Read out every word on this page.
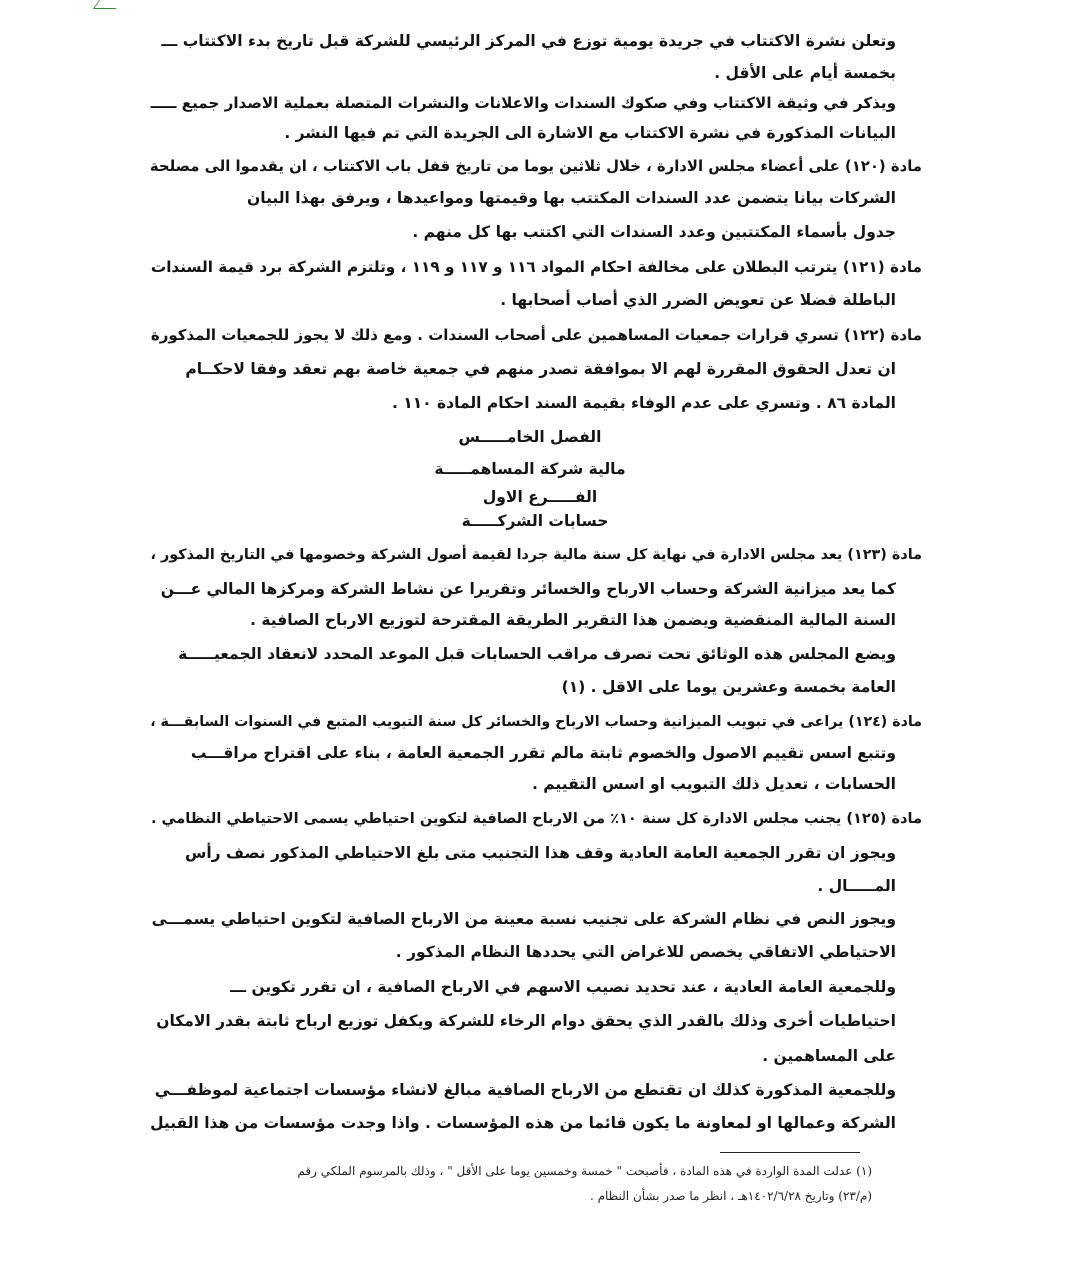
وتعلن نشرة الاكتتاب في جريدة يومية توزع في المركز الرئيسي للشركة قبل تاريخ بدء الاكتتاب ـــ
بخمسة أيام على الأقل .
ويذكر في وثيقة الاكتتاب وفي صكوك السندات والاعلانات والنشرات المتصلة بعملية الاصدار جميع ـــــ
البيانات المذكورة في نشرة الاكتتاب مع الاشارة الى الجريدة التي تم فيها النشر .
مادة (١٢٠) على أعضاء مجلس الادارة ، خلال ثلاثين يوما من تاريخ قفل باب الاكتتاب ، ان يقدموا الى مصلحة
الشركات بيانا يتضمن عدد السندات المكتتب بها وقيمتها ومواعيدها ، ويرفق بهذا البيان
جدول بأسماء المكتتبين وعدد السندات التي اكتتب بها كل منهم .
مادة (١٢١) يترتب البطلان على مخالفة احكام المواد ١١٦ و ١١٧ و ١١٩ ، وتلتزم الشركة برد قيمة السندات
الباطلة فضلا عن تعويض الضرر الذي أصاب أصحابها .
مادة (١٢٢) تسري قرارات جمعيات المساهمين على أصحاب السندات . ومع ذلك لا يجوز للجمعيات المذكورة
ان تعدل الحقوق المقررة لهم الا بموافقة تصدر منهم في جمعية خاصة بهم تعقد وفقا لاحكــام
المادة ٨٦ . وتسري على عدم الوفاء بقيمة السند احكام المادة ١١٠ .
الفصل الخامـــــس
مالية شركة المساهمـــــة
الفـــــرع الاول
حسابات الشركـــــة
مادة (١٢٣) يعد مجلس الادارة في نهاية كل سنة مالية جردا لقيمة أصول الشركة وخصومها في التاريخ المذكور ،
كما يعد ميزانية الشركة وحساب الارباح والخسائر وتقريرا عن نشاط الشركة ومركزها المالي عـــن
السنة المالية المنقضية ويضمن هذا التقرير الطريقة المقترحة لتوزيع الارباح الصافية .
ويضع المجلس هذه الوثائق تحت تصرف مراقب الحسابات قبل الموعد المحدد لانعقاد الجمعيـــــة
العامة بخمسة وعشرين يوما على الاقل . (١)
مادة (١٢٤) يراعى في تبويب الميزانية وحساب الارباح والخسائر كل سنة التبويب المتبع في السنوات السابقـــة ،
وتتبع اسس تقييم الاصول والخصوم ثابتة مالم تقرر الجمعية العامة ، بناء على اقتراح مراقـــب
الحسابات ، تعديل ذلك التبويب او اسس التقييم .
مادة (١٢٥) يجنب مجلس الادارة كل سنة ١٠٪ من الارباح الصافية لتكوين احتياطي يسمى الاحتياطي النظامي .
ويجوز ان تقرر الجمعية العامة العادية وقف هذا التجنيب متى بلغ الاحتياطي المذكور نصف رأس
المـــــال .
ويجوز النص في نظام الشركة على تجنيب نسبة معينة من الارباح الصافية لتكوين احتياطي يسمـــى
الاحتياطي الاتفاقي يخصص للاغراض التي يحددها النظام المذكور .
وللجمعية العامة العادية ، عند تحديد نصيب الاسهم في الارباح الصافية ، ان تقرر تكوين ـــ
احتياطيات أخرى وذلك بالقدر الذي يحقق دوام الرخاء للشركة ويكفل توزيع ارباح ثابتة بقدر الامكان
على المساهمين .
وللجمعية المذكورة كذلك ان تقتطع من الارباح الصافية مبالغ لانشاء مؤسسات اجتماعية لموظفـــي
الشركة وعمالها او لمعاونة ما يكون قائما من هذه المؤسسات . واذا وجدت مؤسسات من هذا القبيل
(١) عدلت المدة الواردة في هذه المادة ، فأصبحت " خمسة وخمسين يوما على الأقل " ، وذلك بالمرسوم الملكي رقم
(م/٢٣) وتاريخ ١٤٠٢/٦/٢٨هـ ، انظر ما صدر بشأن النظام .
